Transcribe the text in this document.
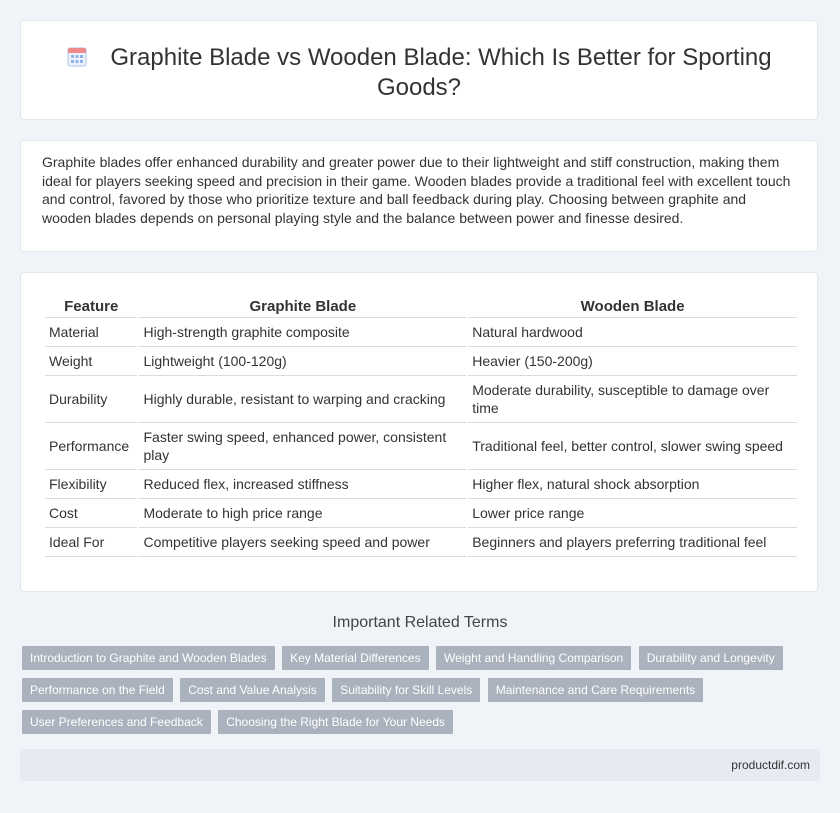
Graphite Blade vs Wooden Blade: Which Is Better for Sporting Goods?
Graphite blades offer enhanced durability and greater power due to their lightweight and stiff construction, making them ideal for players seeking speed and precision in their game. Wooden blades provide a traditional feel with excellent touch and control, favored by those who prioritize texture and ball feedback during play. Choosing between graphite and wooden blades depends on personal playing style and the balance between power and finesse desired.
Feature	Graphite Blade	Wooden Blade
Material	High-strength graphite composite	Natural hardwood
Weight	Lightweight (100-120g)	Heavier (150-200g)
Durability	Highly durable, resistant to warping and cracking	Moderate durability, susceptible to damage over time
Performance	Faster swing speed, enhanced power, consistent play	Traditional feel, better control, slower swing speed
Flexibility	Reduced flex, increased stiffness	Higher flex, natural shock absorption
Cost	Moderate to high price range	Lower price range
Ideal For	Competitive players seeking speed and power	Beginners and players preferring traditional feel
Important Related Terms
Introduction to Graphite and Wooden Blades Key Material Differences Weight and Handling Comparison Durability and Longevity Performance on the Field Cost and Value Analysis Suitability for Skill Levels Maintenance and Care Requirements User Preferences and Feedback Choosing the Right Blade for Your Needs
productdif.com
